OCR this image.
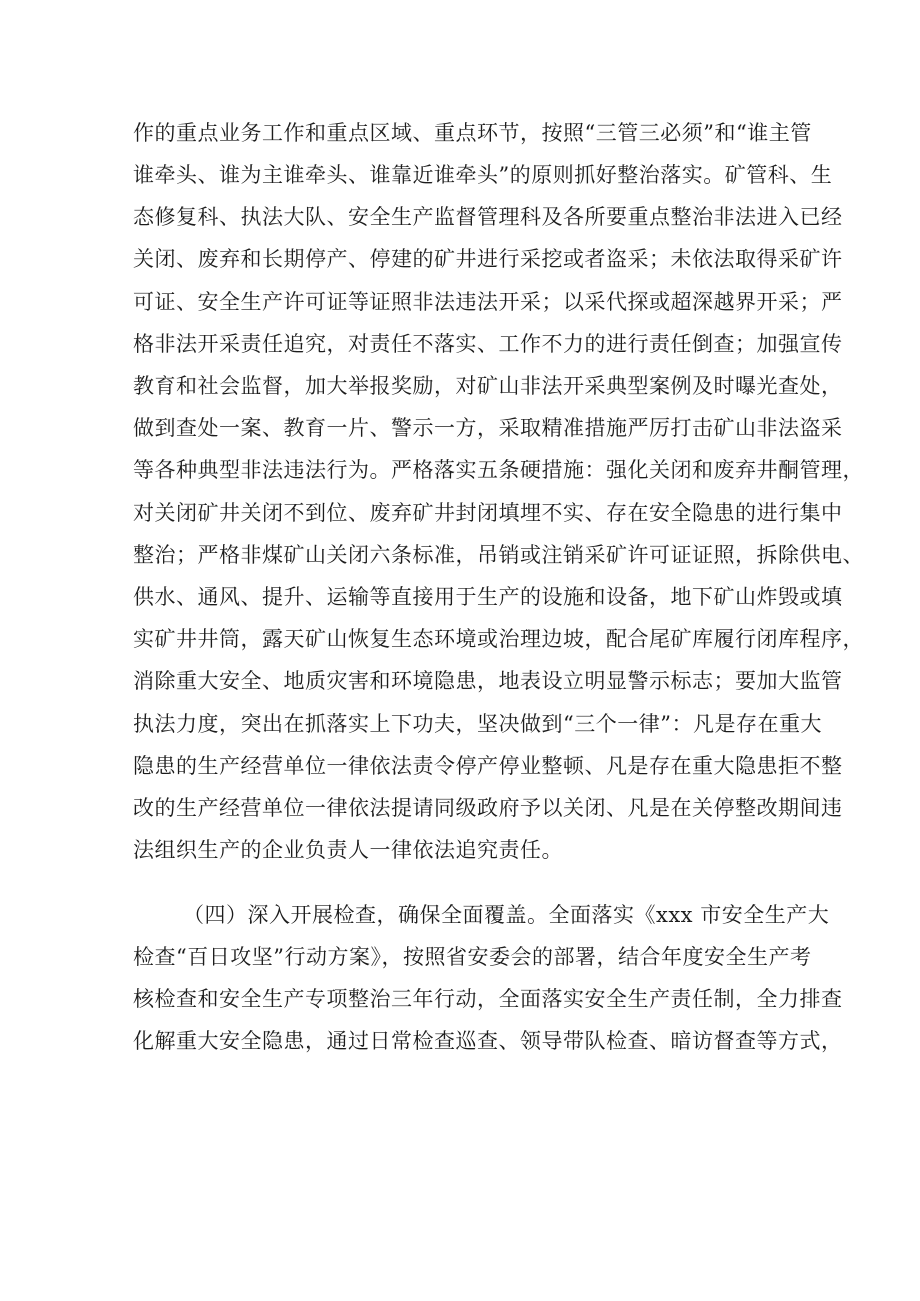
作的重点业务工作和重点区域、重点环节，按照“三管三必须”和“谁主管
谁牵头、谁为主谁牵头、谁靠近谁牵头”的原则抓好整治落实。矿管科、生
态修复科、执法大队、安全生产监督管理科及各所要重点整治非法进入已经
关闭、废弃和长期停产、停建的矿井进行采挖或者盗采；未依法取得采矿许
可证、安全生产许可证等证照非法违法开采；以采代探或超深越界开采；严
格非法开采责任追究，对责任不落实、工作不力的进行责任倒查；加强宣传
教育和社会监督，加大举报奖励，对矿山非法开采典型案例及时曝光查处，
做到查处一案、教育一片、警示一方，采取精准措施严厉打击矿山非法盗采
等各种典型非法违法行为。严格落实五条硬措施：强化关闭和废弃井酮管理，
对关闭矿井关闭不到位、废弃矿井封闭填埋不实、存在安全隐患的进行集中
整治；严格非煤矿山关闭六条标准，吊销或注销采矿许可证证照，拆除供电、
供水、通风、提升、运输等直接用于生产的设施和设备，地下矿山炸毁或填
实矿井井筒，露天矿山恢复生态环境或治理边坡，配合尾矿库履行闭库程序，
消除重大安全、地质灾害和环境隐患，地表设立明显警示标志；要加大监管
执法力度，突出在抓落实上下功夫，坚决做到“三个一律”：凡是存在重大
隐患的生产经营单位一律依法责令停产停业整顿、凡是存在重大隐患拒不整
改的生产经营单位一律依法提请同级政府予以关闭、凡是在关停整改期间违
法组织生产的企业负责人一律依法追究责任。
（四）深入开展检查，确保全面覆盖。全面落实《xxx 市安全生产大
检查“百日攻坚”行动方案》，按照省安委会的部署，结合年度安全生产考
核检查和安全生产专项整治三年行动，全面落实安全生产责任制，全力排查
化解重大安全隐患，通过日常检查巡查、领导带队检查、暗访督查等方式，
